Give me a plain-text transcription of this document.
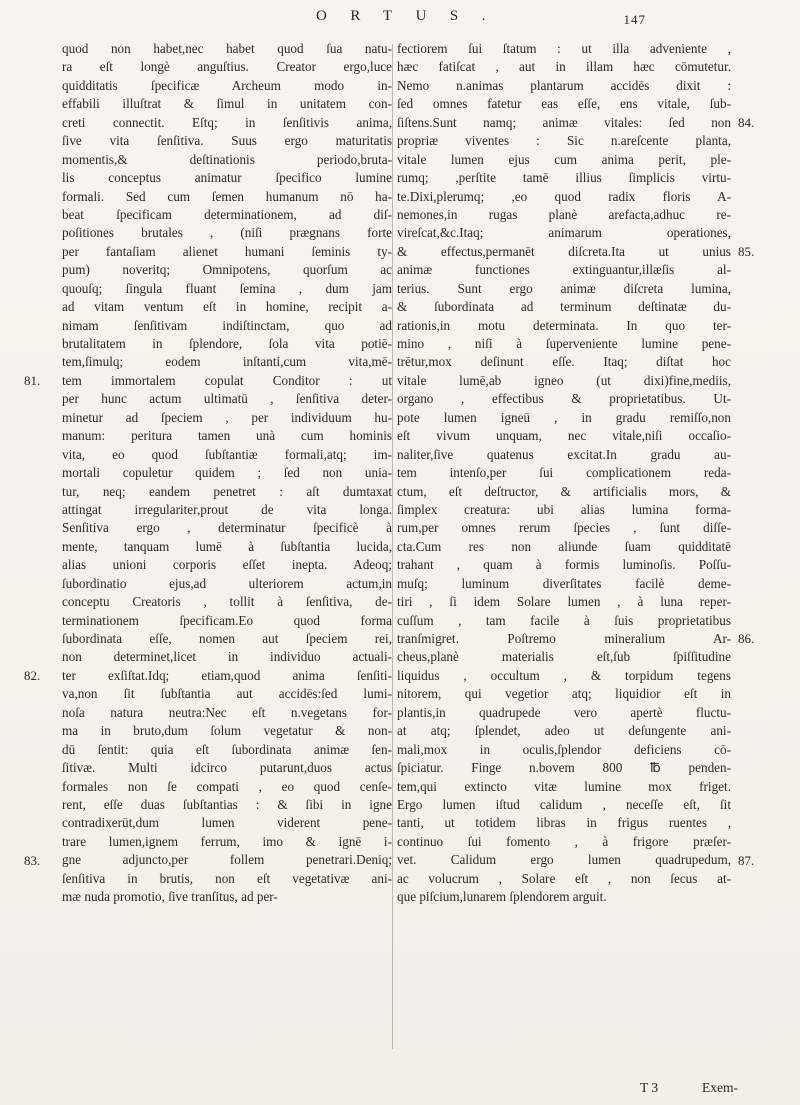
ORTUS.	147
quod non habet,nec habet quod ſua natu-
ra eſt longè anguſtius. Creator ergo,luce
quidditatis ſpecificæ Archeum modo in-
effabili illuſtrat & ſimul in unitatem con-
creti connectit. Eſtq; in ſenſitivis anima,
ſive vita ſenſitiva. Suus ergo maturitatis
momentis,& deſtinationis periodo,bruta-
lis conceptus animatur ſpecifico lumine
formali. Sed cum ſemen humanum nō ha-
beat ſpecificam determinationem, ad diſ-
poſitiones brutales , (niſi prægnans forte
per fantaſiam alienet humani ſeminis ty-
pum) noveritq; Omnipotens, quorſum ac
quouſq; ſingula fluant ſemina , dum jam
ad vitam ventum eſt in homine, recipit a-
nimam ſenſitivam indiſtinctam, quo ad
brutalitatem in ſplendore, ſola vita potiē-
tem,ſimulq; eodem inſtanti,cum vita,mē-
tem immortalem copulat Conditor : ut
per hunc actum ultimatū , ſenſitiva deter-
minetur ad ſpeciem , per individuum hu-
manum: peritura tamen unà cum hominis
vita, eo quod ſubſtantiæ formali,atq; im-
mortali copuletur quidem ; ſed non unia-
tur, neq; eandem penetret : aſt dumtaxat
attingat irregulariter,prout de vita longa.
Senſitiva ergo , determinatur ſpecificè à
mente, tanquam lumē à ſubſtantia lucida,
alias unioni corporis eſſet inepta. Adeoq;
ſubordinatio ejus,ad ulteriorem actum,in
conceptu Creatoris , tollit à ſenſitiva, de-
terminationem ſpecificam.Eo quod forma
ſubordinata eſſe, nomen aut ſpeciem rei,
non determinet,licet in individuo actuali-
ter exſiſtat.Idq; etiam,quod anima ſenſiti-
va,non ſit ſubſtantia aut accidēs:ſed lumi-
noſa natura neutra:Nec eſt n.vegetans for-
ma in bruto,dum ſolum vegetatur & non-
dū ſentit: quia eſt ſubordinata animæ ſen-
ſitivæ. Multi idcirco putarunt,duos actus
formales non ſe compati , eo quod cenſe-
rent, eſſe duas ſubſtantias : & ſibi in igne
contradixerūt,dum lumen viderent pene-
trare lumen,ignem ferrum, imo & ignē i-
gne adjuncto,per follem penetrari.Deniq;
ſenſitiva in brutis, non eſt vegetativæ ani-
mæ nuda promotio, ſive tranſitus, ad per-
fectiorem ſui ſtatum : ut illa adveniente ,
hæc fatiſcat , aut in illam hæc cōmutetur.
Nemo n.animas plantarum accidēs dixit :
ſed omnes fatetur eas eſſe, ens vitale, ſub-
ſiſtens.Sunt namq; animæ vitales: ſed non
propriæ viventes : Sic n.areſcente planta,
vitale lumen ejus cum anima perit, ple-
rumq; ,perſtite tamē illius ſimplicis virtu-
te.Dixi,plerumq; ,eo quod radix floris A-
nemones,in rugas planè arefacta,adhuc re-
vireſcat,&c.Itaq; animarum operationes,
& effectus,permanēt diſcreta.Ita ut unius
animæ functiones extinguantur,illæſis al-
terius. Sunt ergo animæ diſcreta lumina,
& ſubordinata ad terminum deſtinatæ du-
rationis,in motu determinata. In quo ter-
mino , niſi à ſuperveniente lumine pene-
trētur,mox deſinunt eſſe. Itaq; diſtat hoc
vitale lumē,ab igneo (ut dixi)fine,mediis,
organo , effectibus & proprietatibus. Ut-
pote lumen igneū , in gradu remiſſo,non
eſt vivum unquam, nec vitale,niſi occaſio-
naliter,ſive quatenus excitat.In gradu au-
tem intenſo,per ſui complicationem reda-
ctum, eſt deſtructor, & artificialis mors, &
ſimplex creatura: ubi alias lumina forma-
rum,per omnes rerum ſpecies , ſunt diſſe-
cta.Cum res non aliunde ſuam quidditatē
trahant , quam à formis luminoſis. Poſſu-
muſq; luminum diverſitates facilè deme-
tiri , ſi idem Solare lumen , à luna reper-
cuſſum , tam facile à ſuis proprietatibus
tranſmigret. Poſtremo mineralium Ar-
cheus,planè materialis eſt,ſub ſpiſſitudine
liquidus , occultum , & torpidum tegens
nitorem, qui vegetior atq; liquidior eſt in
plantis,in quadrupede vero apertè fluctu-
at atq; ſplendet, adeo ut deſungente ani-
mali,mox in oculis,ſplendor deficiens cō-
ſpiciatur. Finge n.bovem 800 ℔ penden-
tem,qui extincto vitæ lumine mox friget.
Ergo lumen iſtud calidum , neceſſe eſt, ſit
tanti, ut totidem libras in frigus ruentes ,
continuo ſui fomento , à frigore præſer-
vet. Calidum ergo lumen quadrupedum,
ac volucrum , Solare eſt , non ſecus at-
que piſcium,lunarem ſplendorem arguit.
81.
82.
83.
84.
85.
86.
87.
T 3	Exem-
